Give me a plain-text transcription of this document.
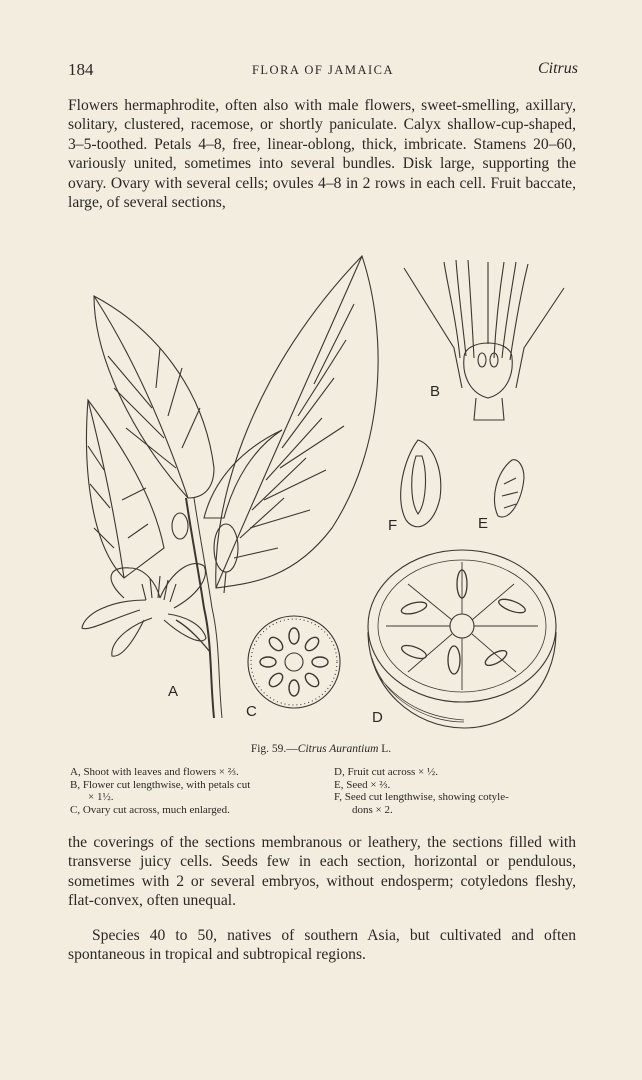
184	FLORA OF JAMAICA	Citrus

Flowers hermaphrodite, often also with male flowers, sweet-smelling, axillary, solitary, clustered, racemose, or shortly paniculate. Calyx shallow-cup-shaped, 3–5-toothed. Petals 4–8, free, linear-oblong, thick, imbricate. Stamens 20–60, variously united, sometimes into several bundles. Disk large, supporting the ovary. Ovary with several cells; ovules 4–8 in 2 rows in each cell. Fruit baccate, large, of several sections,

A
B
F	E
C	D
Fig. 59.—Citrus Aurantium L.
A, Shoot with leaves and flowers × ⅔.
B, Flower cut lengthwise, with petals cut
× 1½.
C, Ovary cut across, much enlarged.
D, Fruit cut across × ½.
E, Seed × ⅔.
F, Seed cut lengthwise, showing cotyle-
dons × 2.

the coverings of the sections membranous or leathery, the sections filled with transverse juicy cells. Seeds few in each section, horizontal or pendulous, sometimes with 2 or several embryos, without endosperm; cotyledons fleshy, flat-convex, often unequal.

Species 40 to 50, natives of southern Asia, but cultivated and often spontaneous in tropical and subtropical regions.
